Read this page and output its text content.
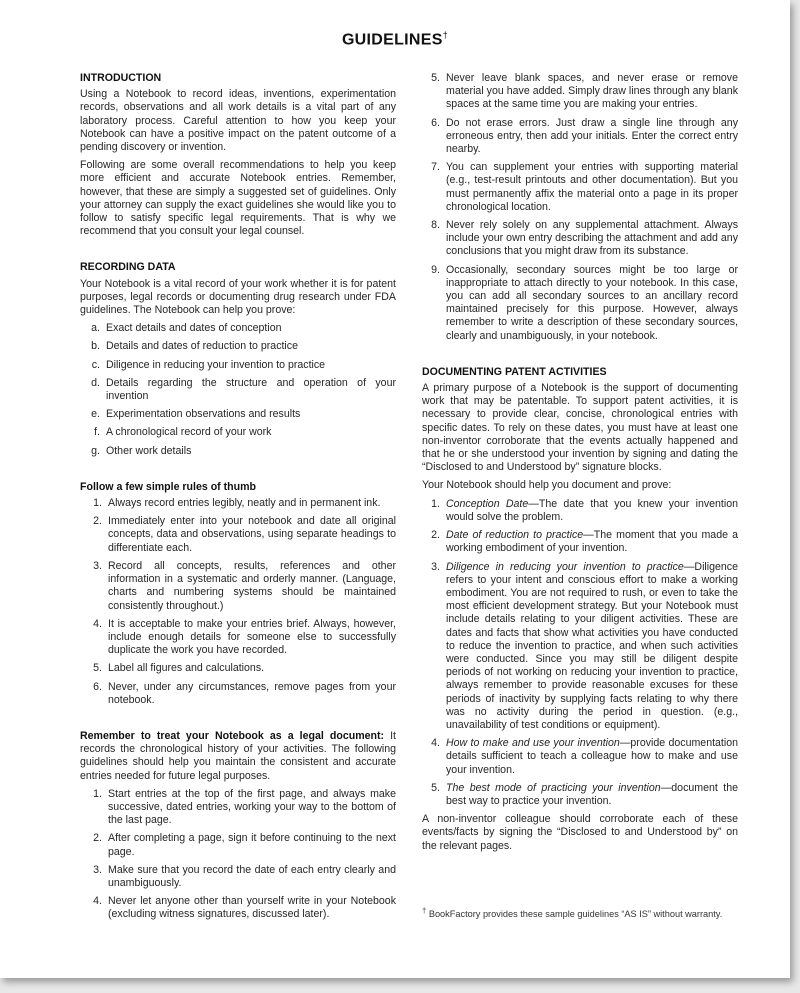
GUIDELINES†
INTRODUCTION

Using a Notebook to record ideas, inventions, experimentation records, observations and all work details is a vital part of any laboratory process. Careful attention to how you keep your Notebook can have a positive impact on the patent outcome of a pending discovery or invention.

Following are some overall recommendations to help you keep more efficient and accurate Notebook entries. Remember, however, that these are simply a suggested set of guidelines. Only your attorney can supply the exact guidelines she would like you to follow to satisfy specific legal requirements. That is why we recommend that you consult your legal counsel.

RECORDING DATA

Your Notebook is a vital record of your work whether it is for patent purposes, legal records or documenting drug research under FDA guidelines. The Notebook can help you prove:

a. Exact details and dates of conception
b. Details and dates of reduction to practice
c. Diligence in reducing your invention to practice
d. Details regarding the structure and operation of your invention
e. Experimentation observations and results
f. A chronological record of your work
g. Other work details
Follow a few simple rules of thumb
1. Always record entries legibly, neatly and in permanent ink.
2. Immediately enter into your notebook and date all original concepts, data and observations, using separate headings to differentiate each.
3. Record all concepts, results, references and other information in a systematic and orderly manner. (Language, charts and numbering systems should be maintained consistently throughout.)
4. It is acceptable to make your entries brief. Always, however, include enough details for someone else to successfully duplicate the work you have recorded.
5. Label all figures and calculations.
6. Never, under any circumstances, remove pages from your notebook.

Remember to treat your Notebook as a legal document: It records the chronological history of your activities. The following guidelines should help you maintain the consistent and accurate entries needed for future legal purposes.

1. Start entries at the top of the first page, and always make successive, dated entries, working your way to the bottom of the last page.
2. After completing a page, sign it before continuing to the next page.
3. Make sure that you record the date of each entry clearly and unambiguously.
4. Never let anyone other than yourself write in your Notebook (excluding witness signatures, discussed later).
5. Never leave blank spaces, and never erase or remove material you have added. Simply draw lines through any blank spaces at the same time you are making your entries.
6. Do not erase errors. Just draw a single line through any erroneous entry, then add your initials. Enter the correct entry nearby.
7. You can supplement your entries with supporting material (e.g., test-result printouts and other documentation). But you must permanently affix the material onto a page in its proper chronological location.
8. Never rely solely on any supplemental attachment. Always include your own entry describing the attachment and add any conclusions that you might draw from its substance.
9. Occasionally, secondary sources might be too large or inappropriate to attach directly to your notebook. In this case, you can add all secondary sources to an ancillary record maintained precisely for this purpose. However, always remember to write a description of these secondary sources, clearly and unambiguously, in your notebook.
DOCUMENTING PATENT ACTIVITIES

A primary purpose of a Notebook is the support of documenting work that may be patentable. To support patent activities, it is necessary to provide clear, concise, chronological entries with specific dates. To rely on these dates, you must have at least one non-inventor corroborate that the events actually happened and that he or she understood your invention by signing and dating the “Disclosed to and Understood by” signature blocks.

Your Notebook should help you document and prove:

1. Conception Date—The date that you knew your invention would solve the problem.
2. Date of reduction to practice—The moment that you made a working embodiment of your invention.
3. Diligence in reducing your invention to practice—Diligence refers to your intent and conscious effort to make a working embodiment. You are not required to rush, or even to take the most efficient development strategy. But your Notebook must include details relating to your diligent activities. These are dates and facts that show what activities you have conducted to reduce the invention to practice, and when such activities were conducted. Since you may still be diligent despite periods of not working on reducing your invention to practice, always remember to provide reasonable excuses for these periods of inactivity by supplying facts relating to why there was no activity during the period in question. (e.g., unavailability of test conditions or equipment).
4. How to make and use your invention—provide documentation details sufficient to teach a colleague how to make and use your invention.
5. The best mode of practicing your invention—document the best way to practice your invention.

A non-inventor colleague should corroborate each of these events/facts by signing the “Disclosed to and Understood by” on the relevant pages.

† BookFactory provides these sample guidelines “AS IS” without warranty.
